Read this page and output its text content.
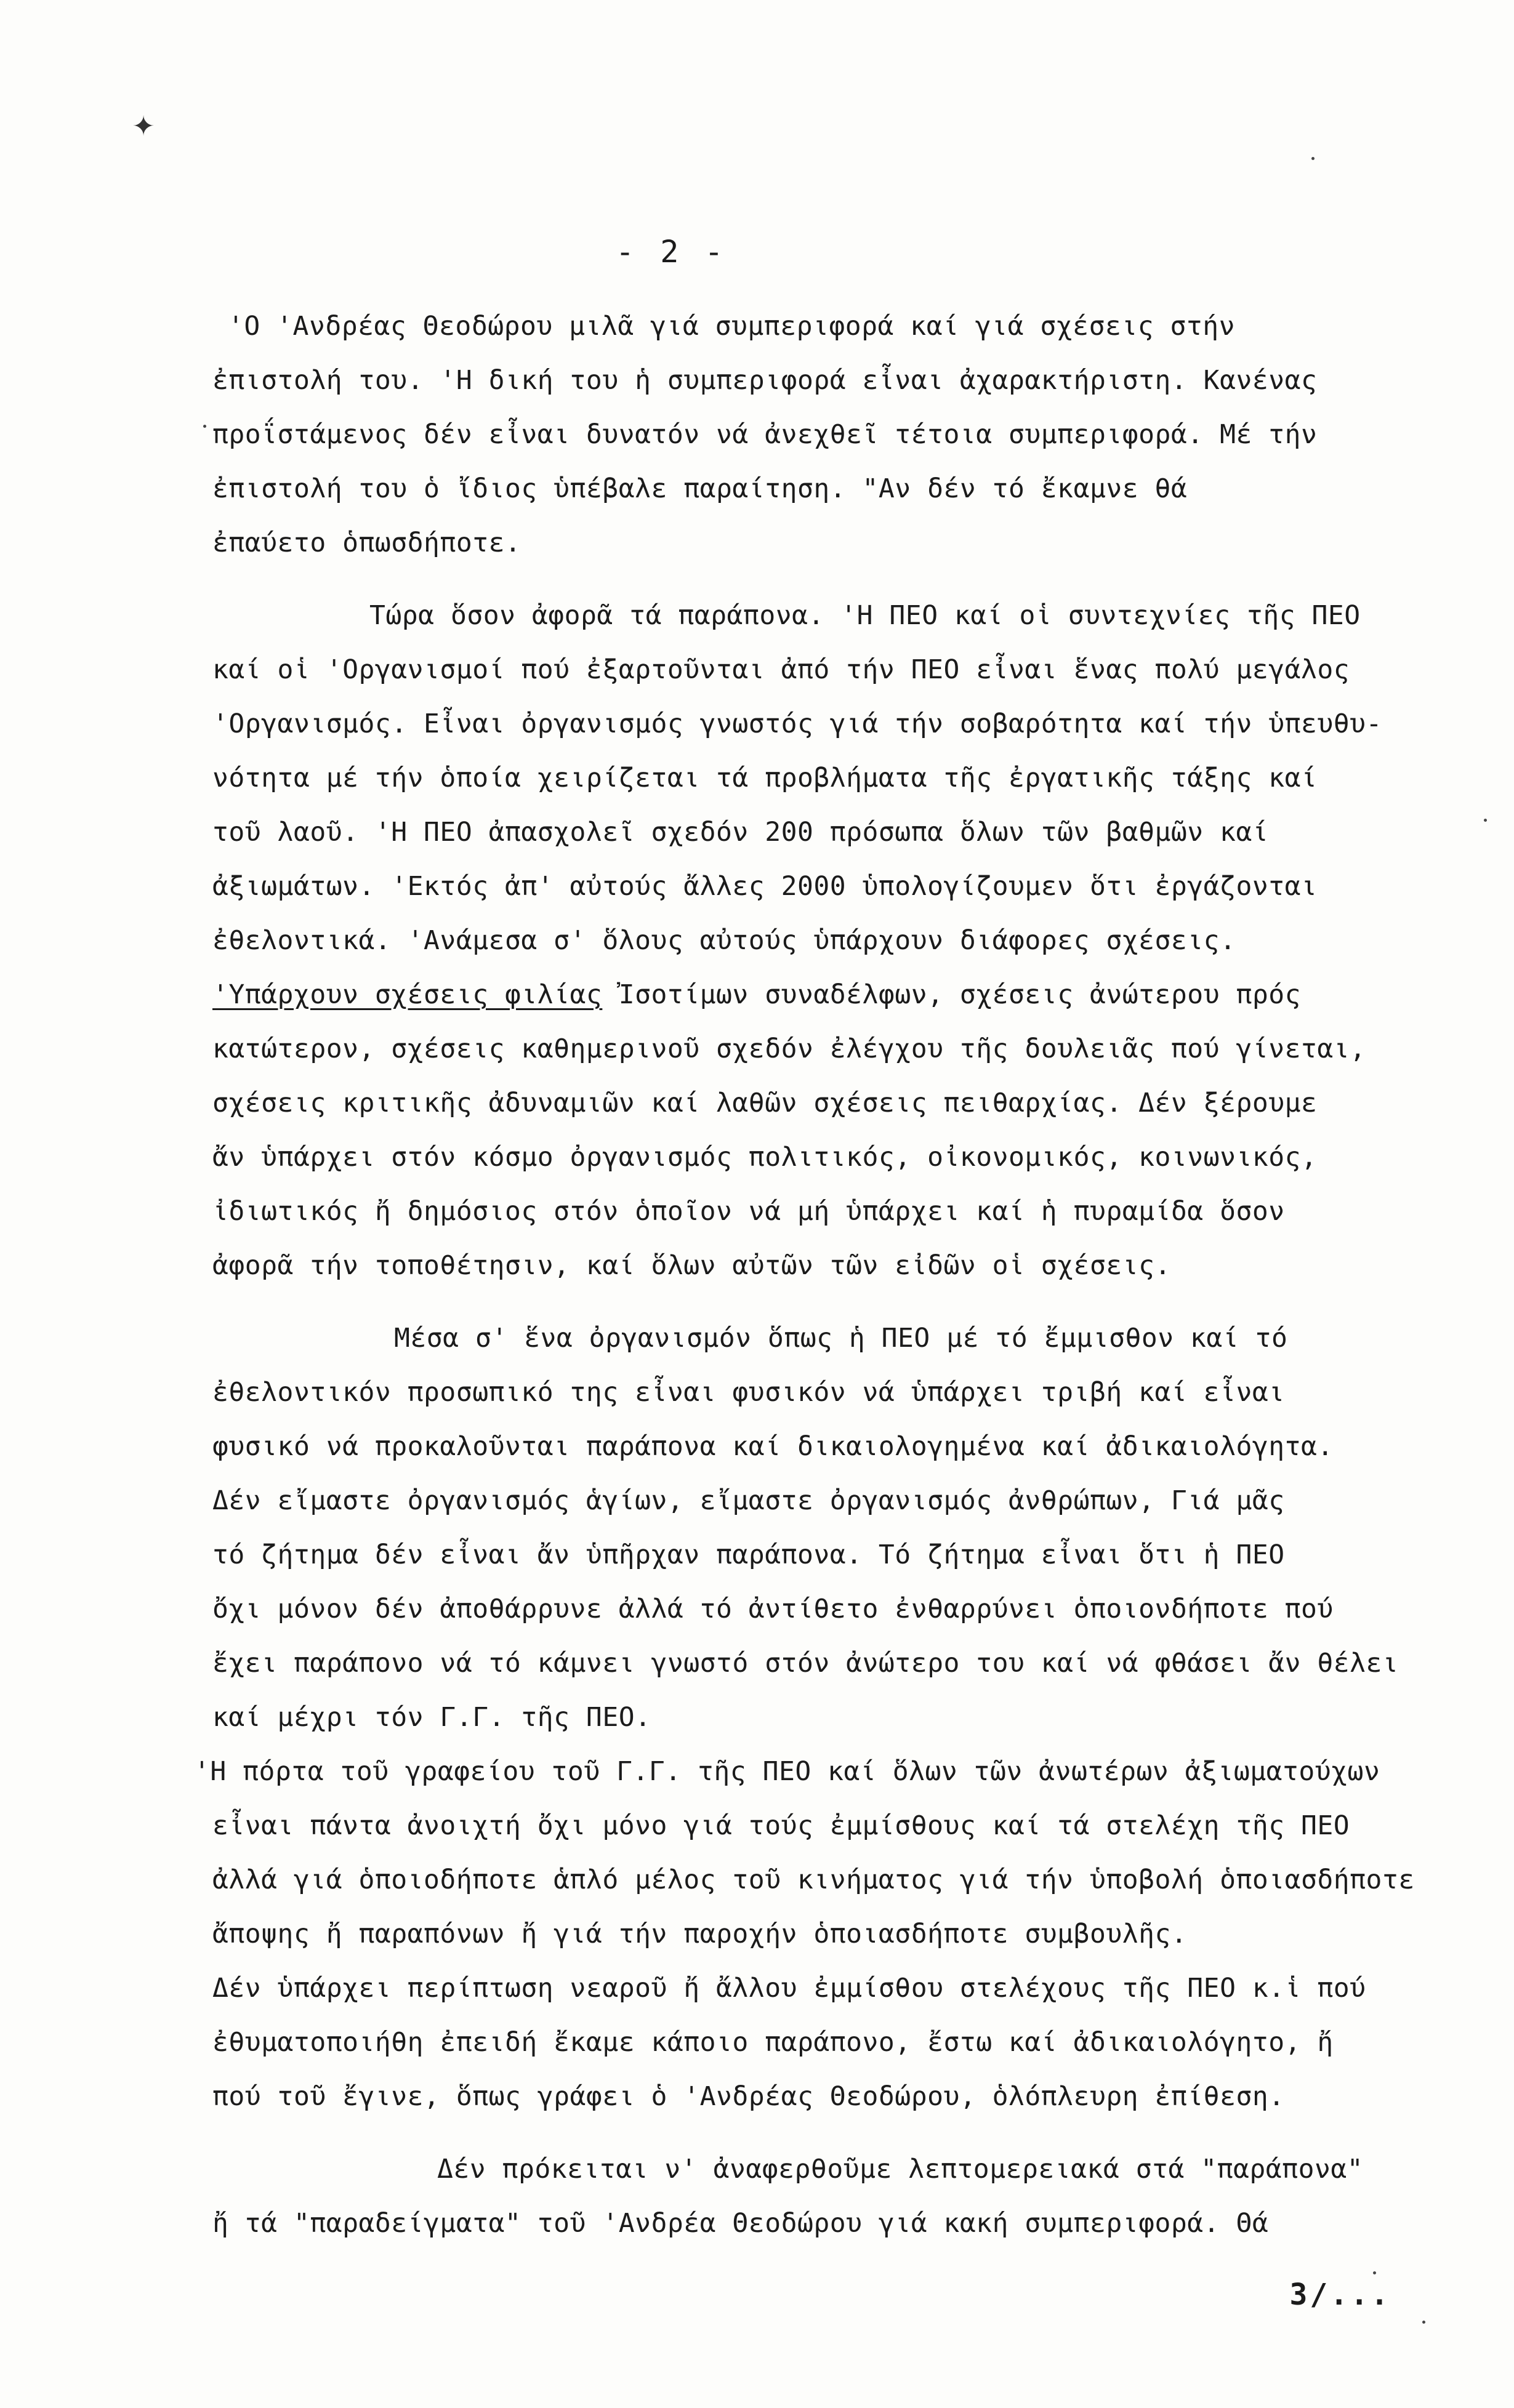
✦
- 2 -
'Ο 'Ανδρέας Θεοδώρου μιλᾶ γιά συμπεριφορά καί γιά σχέσεις στήν
ἐπιστολή του. 'Η δική του ἡ συμπεριφορά εἶναι ἀχαρακτήριστη. Κανένας
προΐστάμενος δέν εἶναι δυνατόν νά ἀνεχθεῖ τέτοια συμπεριφορά. Μέ τήν
ἐπιστολή του ὁ ἴδιος ὑπέβαλε παραίτηση. "Αν δέν τό ἔκαμνε θά
ἐπαύετο ὁπωσδήποτε.
Τώρα ὅσον ἀφορᾶ τά παράπονα. 'Η ΠΕΟ καί οἱ συντεχνίες τῆς ΠΕΟ
καί οἱ 'Οργανισμοί πού ἐξαρτοῦνται ἀπό τήν ΠΕΟ εἶναι ἕνας πολύ μεγάλος
'Οργανισμός. Εἶναι ὀργανισμός γνωστός γιά τήν σοβαρότητα καί τήν ὑπευθυ-
νότητα μέ τήν ὁποία χειρίζεται τά προβλήματα τῆς ἐργατικῆς τάξης καί
τοῦ λαοῦ. 'Η ΠΕΟ ἀπασχολεῖ σχεδόν 200 πρόσωπα ὅλων τῶν βαθμῶν καί
ἀξιωμάτων. 'Εκτός ἀπ' αὐτούς ἄλλες 2000 ὑπολογίζουμεν ὅτι ἐργάζονται
ἐθελοντικά. 'Ανάμεσα σ' ὅλους αὐτούς ὑπάρχουν διάφορες σχέσεις.
'Υπάρχουν σχέσεις φιλίας Ἰσοτίμων συναδέλφων, σχέσεις ἀνώτερου πρός
κατώτερον, σχέσεις καθημερινοῦ σχεδόν ἐλέγχου τῆς δουλειᾶς πού γίνεται,
σχέσεις κριτικῆς ἀδυναμιῶν καί λαθῶν σχέσεις πειθαρχίας. Δέν ξέρουμε
ἄν ὑπάρχει στόν κόσμο ὀργανισμός πολιτικός, οἰκονομικός, κοινωνικός,
ἰδιωτικός ἤ δημόσιος στόν ὁποῖον νά μή ὑπάρχει καί ἡ πυραμίδα ὅσον
ἀφορᾶ τήν τοποθέτησιν, καί ὅλων αὐτῶν τῶν εἰδῶν οἱ σχέσεις.
Μέσα σ' ἕνα ὀργανισμόν ὅπως ἡ ΠΕΟ μέ τό ἔμμισθον καί τό
ἐθελοντικόν προσωπικό της εἶναι φυσικόν νά ὑπάρχει τριβή καί εἶναι
φυσικό νά προκαλοῦνται παράπονα καί δικαιολογημένα καί ἀδικαιολόγητα.
Δέν εἴμαστε ὀργανισμός ἁγίων, εἴμαστε ὀργανισμός ἀνθρώπων, Γιά μᾶς
τό ζήτημα δέν εἶναι ἄν ὑπῆρχαν παράπονα. Τό ζήτημα εἶναι ὅτι ἡ ΠΕΟ
ὄχι μόνον δέν ἀποθάρρυνε ἀλλά τό ἀντίθετο ἐνθαρρύνει ὁποιονδήποτε πού
ἔχει παράπονο νά τό κάμνει γνωστό στόν ἀνώτερο του καί νά φθάσει ἄν θέλει
καί μέχρι τόν Γ.Γ. τῆς ΠΕΟ.
'Η πόρτα τοῦ γραφείου τοῦ Γ.Γ. τῆς ΠΕΟ καί ὅλων τῶν ἀνωτέρων ἀξιωματούχων
εἶναι πάντα ἀνοιχτή ὄχι μόνο γιά τούς ἐμμίσθους καί τά στελέχη τῆς ΠΕΟ
ἀλλά γιά ὁποιοδήποτε ἁπλό μέλος τοῦ κινήματος γιά τήν ὑποβολή ὁποιασδήποτε
ἄποψης ἤ παραπόνων ἤ γιά τήν παροχήν ὁποιασδήποτε συμβουλῆς.
Δέν ὑπάρχει περίπτωση νεαροῦ ἤ ἄλλου ἐμμίσθου στελέχους τῆς ΠΕΟ κ.ἱ πού
ἐθυματοποιήθη ἐπειδή ἔκαμε κάποιο παράπονο, ἔστω καί ἀδικαιολόγητο, ἤ
πού τοῦ ἔγινε, ὅπως γράφει ὁ 'Ανδρέας Θεοδώρου, ὁλόπλευρη ἐπίθεση.
Δέν πρόκειται ν' ἀναφερθοῦμε λεπτομερειακά στά "παράπονα"
ἤ τά "παραδείγματα" τοῦ 'Ανδρέα Θεοδώρου γιά κακή συμπεριφορά. Θά
3/...
